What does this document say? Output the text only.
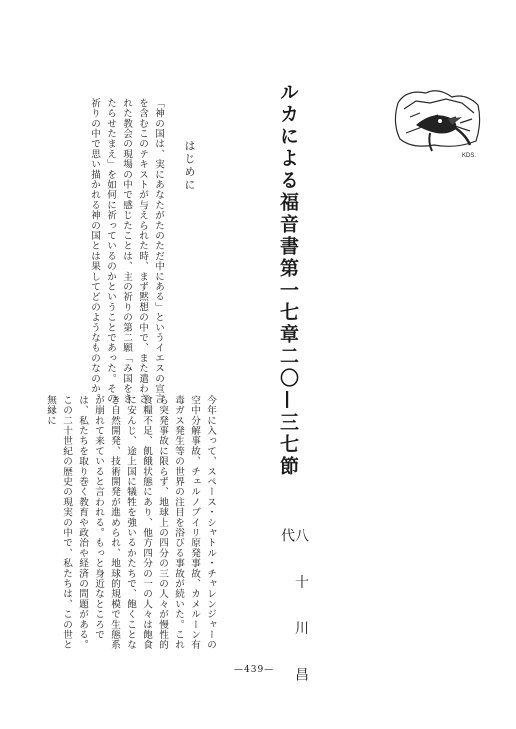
KDS.
ルカによる福音書第一七章二〇—三七節
八 十 川 昌 代
はじめに

「神の国は、実にあなたがたのただ中にある」というイエスの宣言を含むこのテキストが与えられた時、まず黙想の中で、また遣わされた教会の現場の中で感じたことは、主の祈りの第二願「み国をきたらせたまえ」を如何に祈っているのかということであった。その祈りの中で思い描かれる神の国とは果してどのようなものなのか。

今年に入って、スペース・シャトル・チャレンジャーの空中分解事故、チェルノブイリ原発事故、カメルーン有毒ガス発生等の世界の注目を浴びる事故が続いた。これら突発事故に限らず、地球上の四分の三の人々が慢性的食糧不足、飢餓状態にあり、他方四分の一の人々は飽食に安んじ、途上国に犠牲を強いるかたちで、飽くことなき自然開発、技術開発が進められ、地球的規模で生態系が崩れて来ていると言われる。もっと身近なところでは、私たちを取り巻く教育や政治や経済の問題がある。

この二十世紀の歴史の現実の中で、私たちは、この世と無縁に

—439—
